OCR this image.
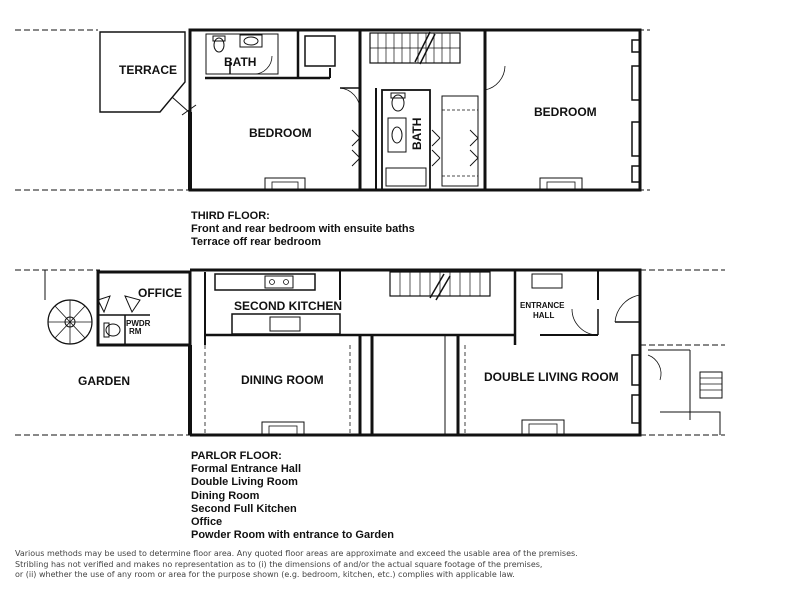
TERRACE
BATH
BEDROOM	BATH
BEDROOM
OFFICE
SECOND KITCHEN	ENTRANCE
HALL
PWDR
RM
GARDEN	DINING ROOM	DOUBLE LIVING ROOM
THIRD FLOOR:
Front and rear bedroom with ensuite baths
Terrace off rear bedroom
PARLOR FLOOR:
Formal Entrance Hall
Double Living Room
Dining Room
Second Full Kitchen
Office
Powder Room with entrance to Garden
Various methods may be used to determine floor area. Any quoted floor areas are approximate and exceed the usable area of the premises.
Stribling has not verified and makes no representation as to (i) the dimensions of and/or the actual square footage of the premises,
or (ii) whether the use of any room or area for the purpose shown (e.g. bedroom, kitchen, etc.) complies with applicable law.
